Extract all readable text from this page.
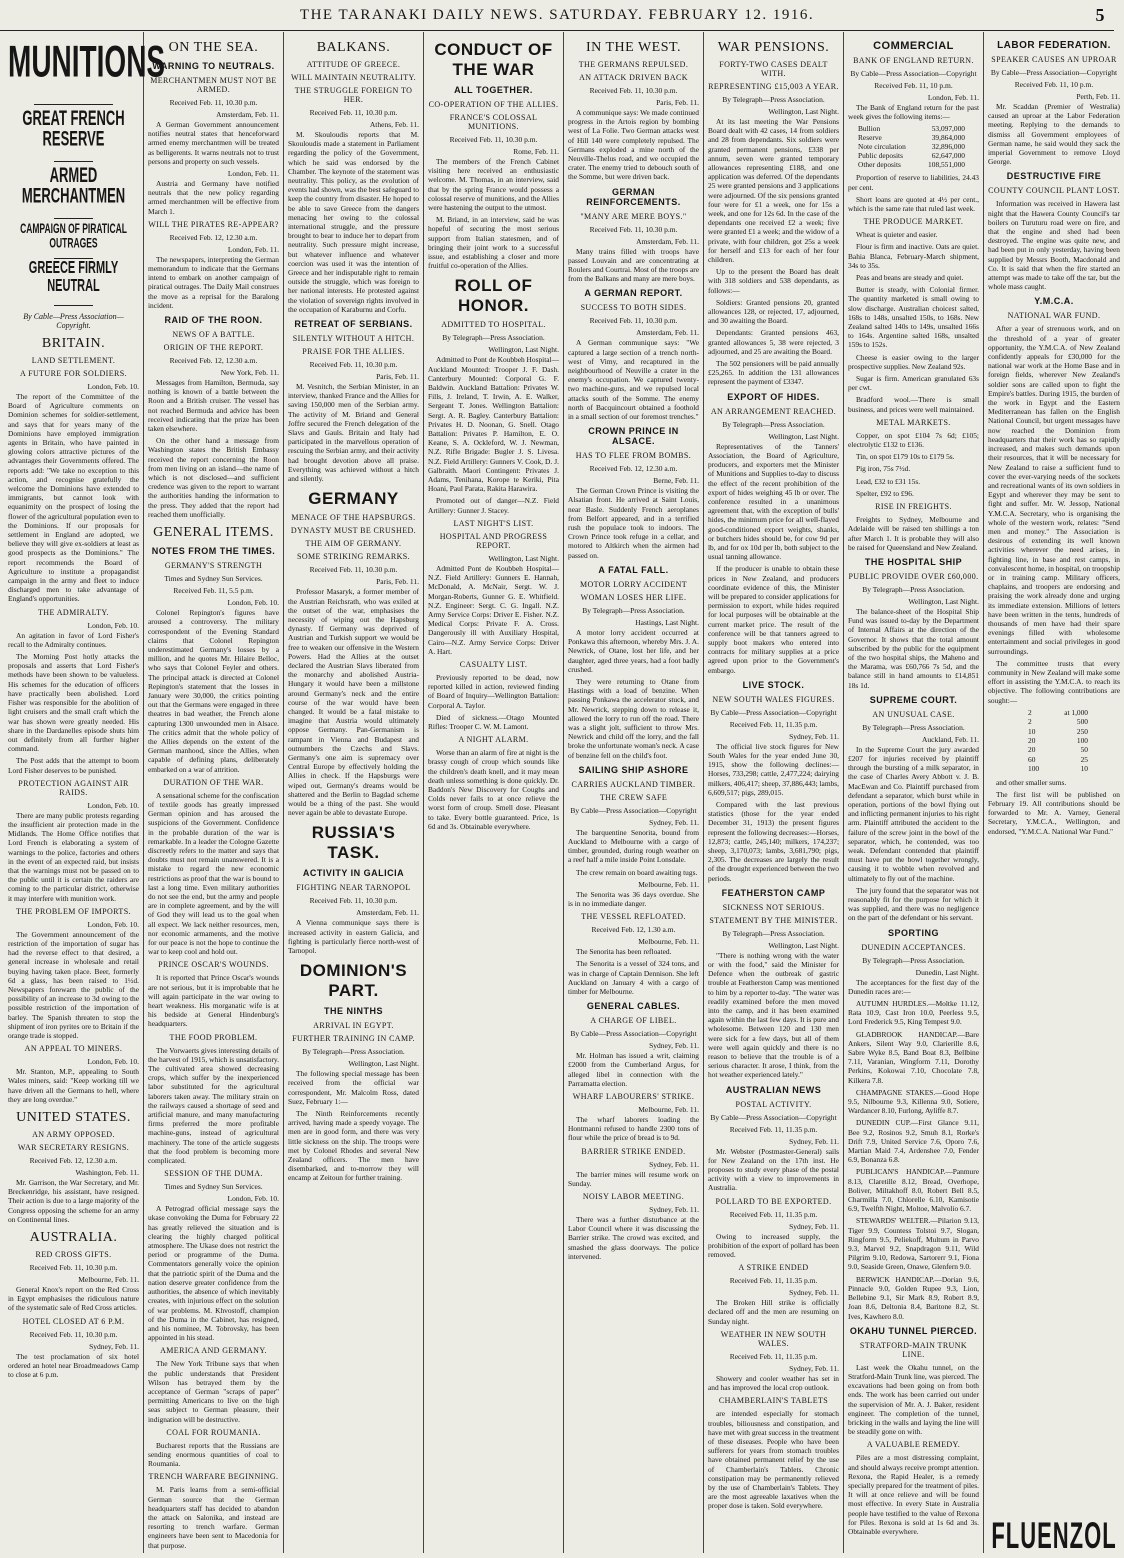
THE TARANAKI DAILY NEWS. SATURDAY. FEBRUARY 12. 1916.	5
MUNITIONS
GREAT FRENCH RESERVE
ARMED MERCHANTMEN
CAMPAIGN OF PIRATICAL OUTRAGES
GREECE FIRMLY NEUTRAL
By Cable—Press Association—Copyright.
BRITAIN.
LAND SETTLEMENT.
A FUTURE FOR SOLDIERS.
London, Feb. 10.

The report of the Committee of the Board of Agriculture comments on Dominion schemes for soldier-settlement, and says that for years many of the Dominions have employed immigration agents in Britain, who have painted in glowing colors attractive pictures of the advantages their Governments offered. The reports add: "We take no exception to this action, and recognise gratefully the welcome the Dominions have extended to immigrants, but cannot look with equanimity on the prospect of losing the flower of the agricultural population even to the Dominions. If our proposals for settlement in England are adopted, we believe they will give ex-soldiers at least as good prospects as the Dominions." The report recommends the Board of Agriculture to institute a propagandist campaign in the army and fleet to induce discharged men to take advantage of England's opportunities.

THE ADMIRALTY.
London, Feb. 10.

An agitation in favor of Lord Fisher's recall to the Admiralty continues.

The Morning Post hotly attacks the proposals and asserts that Lord Fisher's methods have been shown to be valueless. His schemes for the education of officers have practically been abolished. Lord Fisher was responsible for the abolition of light cruisers and the small craft which the war has shown were greatly needed. His share in the Dardanelles episode shuts him out definitely from all further higher command.

The Post adds that the attempt to boom Lord Fisher deserves to be punished.

PROTECTION AGAINST AIR RAIDS.
London, Feb. 10.

There are many public protests regarding the insufficient air protection made in the Midlands. The Home Office notifies that Lord French is elaborating a system of warnings to the police, factories and others in the event of an expected raid, but insists that the warnings must not be passed on to the public until it is certain the raiders are coming to the particular district, otherwise it may interfere with munition work.

THE PROBLEM OF IMPORTS.
London, Feb. 10.

The Government announcement of the restriction of the importation of sugar has had the reverse effect to that desired, a general increase in wholesale and retail buying having taken place. Beer, formerly 6d a glass, has been raised to 1½d. Newspapers forewarn the public of the possibility of an increase to 3d owing to the possible restriction of the importation of barley. The Spanish threaten to stop the shipment of iron pyrites ore to Britain if the orange trade is stopped.

AN APPEAL TO MINERS.
London, Feb. 10.

Mr. Stanton, M.P., appealing to South Wales miners, said: "Keep working till we have driven all the Germans to hell, where they are long overdue."

UNITED STATES.
AN ARMY OPPOSED.
WAR SECRETARY RESIGNS.
Received Feb. 12, 12.30 a.m.
Washington, Feb. 11.

Mr. Garrison, the War Secretary, and Mr. Breckenridge, his assistant, have resigned. Their action is due to a large majority of the Congress opposing the scheme for an army on Continental lines.

AUSTRALIA.
RED CROSS GIFTS.
Received Feb. 11, 10.30 p.m.
Melbourne, Feb. 11.

General Knox's report on the Red Cross in Egypt emphasises the ridiculous nature of the systematic sale of Red Cross articles.

HOTEL CLOSED AT 6 P.M.
Received Feb. 11, 10.30 p.m.
Sydney, Feb. 11.

The test proclamation of six hotel ordered an hotel near Broadmeadows Camp to close at 6 p.m.

ON THE SEA.
WARNING TO NEUTRALS.
MERCHANTMEN MUST NOT BE ARMED.
Received Feb. 11, 10.30 p.m.
Amsterdam, Feb. 11.

A German Government announcement notifies neutral states that henceforward armed enemy merchantmen will be treated as belligerents. It warns neutrals not to trust persons and property on such vessels.

London, Feb. 11.

Austria and Germany have notified neutrals that the new policy regarding armed merchantmen will be effective from March 1.

WILL THE PIRATES RE-APPEAR?
Received Feb. 12, 12.30 a.m.
London, Feb. 11.

The newspapers, interpreting the German memorandum to indicate that the Germans intend to embark on another campaign of piratical outrages. The Daily Mail construes the move as a reprisal for the Baralong incident.

RAID OF THE ROON.
NEWS OF A BATTLE.
ORIGIN OF THE REPORT.
Received Feb. 12, 12.30 a.m.
New York, Feb. 11.

Messages from Hamilton, Bermuda, say nothing is known of a battle between the Roon and a British cruiser. The vessel has not reached Bermuda and advice has been received indicating that the prize has been taken elsewhere.

On the other hand a message from Washington states the British Embassy received the report concerning the Roon from men living on an island—the name of which is not disclosed—and sufficient credence was given to the report to warrant the authorities handing the information to the press. They added that the report had reached them unofficially.

GENERAL ITEMS.
NOTES FROM THE TIMES.
GERMANY'S STRENGTH
Times and Sydney Sun Services.
Received Feb. 11, 5.5 p.m.
London, Feb. 10.

Colonel Repington's figures have aroused a controversy. The military correspondent of the Evening Standard claims that Colonel Repington underestimated Germany's losses by a million, and he quotes Mr. Hilaire Belloc, who says that Colonel Feyler and others. The principal attack is directed at Colonel Repington's statement that the losses in January were 30,000, the critics pointing out that the Germans were engaged in three theatres in bad weather, the French alone capturing 1300 unwounded men in Alsace. The critics admit that the whole policy of the Allies depends on the extent of the German manhood, since the Allies, when capable of defining plans, deliberately embarked on a war of attrition.

DURATION OF THE WAR.

A sensational scheme for the confiscation of textile goods has greatly impressed German opinion and has aroused the suspicions of the Government. Confidence in the probable duration of the war is remarkable. In a leader the Cologne Gazette discreetly refers to the matter and says that doubts must not remain unanswered. It is a mistake to regard the new economic restrictions as proof that the war is bound to last a long time. Even military authorities do not see the end, but the army and people are in complete agreement, and by the will of God they will lead us to the goal when all expect. We lack neither resources, men, nor economic armaments, and the motive for our peace is not the hope to continue the war to keep cool and hold out.

PRINCE OSCAR'S WOUNDS.

It is reported that Prince Oscar's wounds are not serious, but it is improbable that he will again participate in the war owing to heart weakness. His morganatic wife is at his bedside at General Hindenburg's headquarters.

THE FOOD PROBLEM.

The Vorwaerts gives interesting details of the harvest of 1915, which is unsatisfactory. The cultivated area showed decreasing crops, which suffer by the inexperienced labor substituted for the agricultural laborers taken away. The military strain on the railways caused a shortage of seed and artificial manure, and many manufacturing firms preferred the more profitable machine-guns, instead of agricultural machinery. The tone of the article suggests that the food problem is becoming more complicated.

SESSION OF THE DUMA.
Times and Sydney Sun Services.
London, Feb. 10.

A Petrograd official message says the ukase convoking the Duma for February 22 has greatly relieved the situation and is clearing the highly charged political atmosphere. The Ukase does not restrict the period or programme of the Duma. Commentators generally voice the opinion that the patriotic spirit of the Duma and the nation deserve greater confidence from the authorities, the absence of which inevitably creates, with injurious effect on the solution of war problems. M. Khvostoff, champion of the Duma in the Cabinet, has resigned, and his nominee, M. Tobrovsky, has been appointed in his stead.

AMERICA AND GERMANY.

The New York Tribune says that when the public understands that President Wilson has betrayed them by the acceptance of German "scraps of paper" permitting Americans to live on the high seas subject to German pleasure, their indignation will be destructive.

COAL FOR ROUMANIA.

Bucharest reports that the Russians are sending enormous quantities of coal to Roumania.

TRENCH WARFARE BEGINNING.

M. Paris learns from a semi-official German source that the German headquarters staff has decided to abandon the attack on Salonika, and instead are resorting to trench warfare. German engineers have been sent to Macedonia for that purpose.

BALKANS.
ATTITUDE OF GREECE.
WILL MAINTAIN NEUTRALITY.
THE STRUGGLE FOREIGN TO HER.
Received Feb. 11, 10.30 p.m.
Athens, Feb. 11.

M. Skouloudis reports that M. Skouloudis made a statement in Parliament regarding the policy of the Government, which he said was endorsed by the Chamber. The keynote of the statement was neutrality. This policy, as the evolution of events had shown, was the best safeguard to keep the country from disaster. He hoped to be able to save Greece from the dangers menacing her owing to the colossal international struggle, and the pressure brought to bear to induce her to depart from neutrality. Such pressure might increase, but whatever influence and whatever coercion was used it was the intention of Greece and her indisputable right to remain outside the struggle, which was foreign to her national interests. He protested against the violation of sovereign rights involved in the occupation of Karaburnu and Corfu.

RETREAT OF SERBIANS.
SILENTLY WITHOUT A HITCH.
PRAISE FOR THE ALLIES.
Received Feb. 11, 10.30 p.m.
Paris, Feb. 11.

M. Vesnitch, the Serbian Minister, in an interview, thanked France and the Allies for saving 150,000 men of the Serbian army. The activity of M. Briand and General Joffre secured the French delegation of the Slavs and Gauls. Britain and Italy had participated in the marvellous operation of rescuing the Serbian army, and their activity had brought devotion above all praise. Everything was achieved without a hitch and silently.

GERMANY
MENACE OF THE HAPSBURGS.
DYNASTY MUST BE CRUSHED.
THE AIM OF GERMANY.
SOME STRIKING REMARKS.
Received Feb. 11, 10.30 p.m.
Paris, Feb. 11.

Professor Masaryk, a former member of the Austrian Reichsrath, who was exiled at the outset of the war, emphasises the necessity of wiping out the Hapsburg dynasty. If Germany was deprived of Austrian and Turkish support we would be free to weaken our offensive in the Western Powers. Had the Allies at the outset declared the Austrian Slavs liberated from the monarchy and abolished Austria-Hungary it would have been a millstone around Germany's neck and the entire course of the war would have been changed. It would be a fatal mistake to imagine that Austria would ultimately oppose Germany. Pan-Germanism is rampant in Vienna and Budapest and outnumbers the Czechs and Slavs. Germany's one aim is supremacy over Central Europe by effectively holding the Allies in check. If the Hapsburgs were wiped out, Germany's dreams would be shattered and the Berlin to Bagdad scheme would be a thing of the past. She would never again be able to devastate Europe.

RUSSIA'S TASK.
ACTIVITY IN GALICIA
FIGHTING NEAR TARNOPOL
Received Feb. 11, 10.30 p.m.
Amsterdam, Feb. 11.

A Vienna communique says there is increased activity in eastern Galicia, and fighting is particularly fierce north-west of Tarnopol.

DOMINION'S PART.
THE NINTHS
ARRIVAL IN EGYPT.
FURTHER TRAINING IN CAMP.
By Telegraph—Press Association.
Wellington, Last Night.

The following special message has been received from the official war correspondent, Mr. Malcolm Ross, dated Suez, February 1:—

The Ninth Reinforcements recently arrived, having made a speedy voyage. The men are in good form, and there was very little sickness on the ship. The troops were met by Colonel Rhodes and several New Zealand officers. The men have disembarked, and to-morrow they will encamp at Zeitoun for further training.

CONDUCT OF THE WAR
ALL TOGETHER.
CO-OPERATION OF THE ALLIES.
FRANCE'S COLOSSAL MUNITIONS.
Received Feb. 11, 10.30 p.m.
Rome, Feb. 11.

The members of the French Cabinet visiting here received an enthusiastic welcome. M. Thomas, in an interview, said that by the spring France would possess a colossal reserve of munitions, and the Allies were hastening the output to the utmost.

M. Briand, in an interview, said he was hopeful of securing the most serious support from Italian statesmen, and of bringing their joint work to a successful issue, and establishing a closer and more fruitful co-operation of the Allies.

ROLL OF HONOR.
ADMITTED TO HOSPITAL.
By Telegraph—Press Association.
Wellington, Last Night.

Admitted to Pont de Koubbeh Hospital—Auckland Mounted: Trooper J. F. Dash. Canterbury Mounted: Corporal G. F. Baldwin. Auckland Battalion: Privates W. Fills, J. Ireland, T. Irwin, A. E. Walker, Sergeant T. Jones. Wellington Battalion: Sergt. A. R. Bagley. Canterbury Battalion: Privates H. D. Noonan, G. Snell. Otago Battalion: Privates P. Hamilton, E. O. Keane, S. A. Ockleford, W. J. Newman, N.Z. Rifle Brigade: Bugler J. S. Livesa. N.Z. Field Artillery: Gunners V. Cook, D. J. Galbraith. Maori Contingent: Privates J. Adams, Tenihana, Korope te Keriki, Pita Hoani, Paul Parata, Rakita Harawira.

Promoted out of danger—N.Z. Field Artillery: Gunner J. Stacey.

LAST NIGHT'S LIST.
HOSPITAL AND PROGRESS REPORT.
Wellington, Last Night.

Admitted Pont de Koubbeh Hospital—N.Z. Field Artillery: Gunners E. Hannah, McDonald, A. McNair, Sergt. W. J. Morgan-Roberts, Gunner G. E. Whitfield. N.Z. Engineer: Sergt. C. G. Ingall. N.Z. Army Service Corps: Driver E. Fisher. N.Z. Medical Corps: Private F. A. Cross. Dangerously ill with Auxiliary Hospital, Cairo—N.Z. Army Service Corps: Driver A. Hart.

CASUALTY LIST.

Previously reported to be dead, now reported killed in action, reviewed finding of Board of Inquiry—Wellington Battalion: Corporal A. Taylor.

Died of sickness.—Otago Mounted Rifles: Trooper C. W. M. Lamont.

A NIGHT ALARM.

Worse than an alarm of fire at night is the brassy cough of croup which sounds like the children's death knell, and it may mean death unless something is done quickly. Dr. Baddon's New Discovery for Coughs and Colds never fails to at once relieve the worst form of croup. Smell dose. Pleasant to take. Every bottle guaranteed. Price, 1s 6d and 3s. Obtainable everywhere.

IN THE WEST.
THE GERMANS REPULSED.
AN ATTACK DRIVEN BACK
Received Feb. 11, 10.30 p.m.
Paris, Feb. 11.

A communique says: We made continued progress in the Artois region by bombing west of La Folie. Two German attacks west of Hill 140 were completely repulsed. The Germans exploded a mine north of the Neuville-Thelus road, and we occupied the crater. The enemy tried to debouch south of the Somme, but were driven back.

GERMAN REINFORCEMENTS.
"MANY ARE MERE BOYS."
Received Feb. 11, 10.30 p.m.
Amsterdam, Feb. 11.

Many trains filled with troops have passed Louvain and are concentrating at Roulers and Courtrai. Most of the troops are from the Balkans and many are mere boys.

A GERMAN REPORT.
SUCCESS TO BOTH SIDES.
Received Feb. 11, 10.30 p.m.
Amsterdam, Feb. 11.

A German communique says: "We captured a large section of a trench north-west of Vimy, and recaptured in the neighbourhood of Neuville a crater in the enemy's occupation. We captured twenty-two machine-guns, and we repulsed local attacks south of the Somme. The enemy north of Bacquincourt obtained a foothold in a small section of our foremost trenches."

CROWN PRINCE IN ALSACE.
HAS TO FLEE FROM BOMBS.
Received Feb. 12, 12.30 a.m.
Berne, Feb. 11.

The German Crown Prince is visiting the Alsatian front. He arrived at Saint Louis, near Basle. Suddenly French aeroplanes from Belfort appeared, and in a terrified rush the populace took to indoors. The Crown Prince took refuge in a cellar, and motored to Altkirch when the airmen had passed on.

A FATAL FALL.
MOTOR LORRY ACCIDENT
WOMAN LOSES HER LIFE.
By Telegraph—Press Association.
Hastings, Last Night.

A motor lorry accident occurred at Ponkawa this afternoon, whereby Mrs. J. A. Newrick, of Otane, lost her life, and her daughter, aged three years, had a foot badly crushed.

They were returning to Otane from Hastings with a load of benzine. When passing Ponkawa the accelerator stuck, and Mr. Newrick, stepping down to release it, allowed the lorry to run off the road. There was a slight jolt, sufficient to throw Mrs. Newrick and child off the lorry, and the fall broke the unfortunate woman's neck. A case of benzine fell on the child's foot.

SAILING SHIP ASHORE
CARRIES AUCKLAND TIMBER.
THE CREW SAFE
By Cable—Press Association—Copyright
Sydney, Feb. 11.

The barquentine Senorita, bound from Auckland to Melbourne with a cargo of timber, grounded, during rough weather on a reef half a mile inside Point Lonsdale.

The crew remain on board awaiting tugs.

Melbourne, Feb. 11.

The Senorita was 36 days overdue. She is in no immediate danger.

THE VESSEL REFLOATED.
Received Feb. 12, 1.30 a.m.
Melbourne, Feb. 11.

The Senorita has been refloated.

The Senorita is a vessel of 324 tons, and was in charge of Captain Dennison. She left Auckland on January 4 with a cargo of timber for Melbourne.

GENERAL CABLES.
A CHARGE OF LIBEL.
By Cable—Press Association—Copyright
Sydney, Feb. 11.

Mr. Holman has issued a writ, claiming £2000 from the Cumberland Argus, for alleged libel in connection with the Parramatta election.

WHARF LABOURERS' STRIKE.
Melbourne, Feb. 11.

The wharf laborers loading the Hontmanni refused to handle 2300 tons of flour while the price of bread is to 9d.

BARRIER STRIKE ENDED.
Sydney, Feb. 11.

The barrier mines will resume work on Sunday.

NOISY LABOR MEETING.
Sydney, Feb. 11.

There was a further disturbance at the Labor Council where it was discussing the Barrier strike. The crowd was excited, and smashed the glass doorways. The police intervened.

WAR PENSIONS.
FORTY-TWO CASES DEALT WITH.
REPRESENTING £15,003 A YEAR.
By Telegraph—Press Association.
Wellington, Last Night.

At its last meeting the War Pensions Board dealt with 42 cases, 14 from soldiers and 28 from dependants. Six soldiers were granted permanent pensions, £338 per annum, seven were granted temporary allowances representing £188, and one application was deferred. Of the dependants 25 were granted pensions and 3 applications were adjourned. Of the six pensions granted four were for £1 a week, one for 15s a week, and one for 12s 6d. In the case of the dependants one received £2 a week; five were granted £1 a week; and the widow of a private, with four children, got 25s a week for herself and £13 for each of her four children.

Up to the present the Board has dealt with 318 soldiers and 538 dependants, as follows:—

Soldiers: Granted pensions 20, granted allowances 128, or rejected, 17, adjourned, and 30 awaiting the Board.

Dependants: Granted pensions 463, granted allowances 5, 38 were rejected, 3 adjourned, and 25 are awaiting the Board.

The 502 pensioners will be paid annually £25,265. In addition the 131 allowances represent the payment of £3347.

EXPORT OF HIDES.
AN ARRANGEMENT REACHED.
By Telegraph—Press Association.
Wellington, Last Night.

Representatives of the Tanners' Association, the Board of Agriculture, producers, and exporters met the Minister of Munitions and Supplies to-day to discuss the effect of the recent prohibition of the export of hides weighing 45 lb or over. The conference resulted in a unanimous agreement that, with the exception of bulls' hides, the minimum price for all well-flayed good-conditioned export weights, shanks, or butchers hides should be, for cow 9d per lb, and for ox 10d per lb, both subject to the usual tanning allowance.

If the producer is unable to obtain these prices in New Zealand, and producers coordinate evidence of this, the Minister will be prepared to consider applications for permission to export, while hides required for local purposes will be obtainable at the current market price. The result of the conference will be that tanners agreed to supply boot makers who entered into contracts for military supplies at a price agreed upon prior to the Government's embargo.

LIVE STOCK.
NEW SOUTH WALES FIGURES.
By Cable—Press Association—Copyright
Received Feb. 11, 11.35 p.m.
Sydney, Feb. 11.

The official live stock figures for New South Wales for the year ended June 30, 1915, show the following declines:—Horses, 733,298; cattle, 2,477,224; dairying milkers, 406,417; sheep, 37,886,443; lambs, 6,609,517; pigs, 289,015.

Compared with the last previous statistics (those for the year ended December 31, 1913) the present figures represent the following decreases:—Horses, 12,873; cattle, 245,140; milkers, 174,237; sheep, 3,170,073; lambs, 3,681,790; pigs, 2,305. The decreases are largely the result of the drought experienced between the two periods.

FEATHERSTON CAMP
SICKNESS NOT SERIOUS.
STATEMENT BY THE MINISTER.
By Telegraph—Press Association.
Wellington, Last Night.

"There is nothing wrong with the water or with the food," said the Minister for Defence when the outbreak of gastric trouble at Featherston Camp was mentioned to him by a reporter to-day. "The water was readily examined before the men moved into the camp, and it has been examined again within the last few days. It is pure and wholesome. Between 120 and 130 men were sick for a few days, but all of them were well again quickly and there is no reason to believe that the trouble is of a serious character. It arose, I think, from the hot weather experienced lately."

AUSTRALIAN NEWS
POSTAL ACTIVITY.
By Cable—Press Association—Copyright
Received Feb. 11, 11.35 p.m.
Sydney, Feb. 11.

Mr. Webster (Postmaster-General) sails for New Zealand on the 17th inst. He proposes to study every phase of the postal activity with a view to improvements in Australia.

POLLARD TO BE EXPORTED.
Received Feb. 11, 11.35 p.m.
Sydney, Feb. 11.

Owing to increased supply, the prohibition of the export of pollard has been removed.

A STRIKE ENDED
Received Feb. 11, 11.35 p.m.
Sydney, Feb. 11.

The Broken Hill strike is officially declared off and the men are resuming on Sunday night.

WEATHER IN NEW SOUTH WALES.
Received Feb. 11, 11.35 p.m.
Sydney, Feb. 11.

Showery and cooler weather has set in and has improved the local crop outlook.

CHAMBERLAIN'S TABLETS

are intended especially for stomach troubles, biliousness and constipation, and have met with great success in the treatment of these diseases. People who have been sufferers for years from stomach troubles have obtained permanent relief by the use of Chamberlain's Tablets. Chronic constipation may be permanently relieved by the use of Chamberlain's Tablets. They are the most agreeable laxatives when the proper dose is taken. Sold everywhere.

COMMERCIAL
BANK OF ENGLAND RETURN.
By Cable—Press Association—Copyright
Received Feb. 11, 10 p.m.
London, Feb. 11.

The Bank of England return for the past week gives the following items:—

Bullion	53,097,000
Reserve	39,864,000
Note circulation	32,896,000
Public deposits	62,647,000
Other deposits	108,551,000

Proportion of reserve to liabilities, 24.43 per cent.

Short loans are quoted at 4½ per cent., which is the same rate that ruled last week.

THE PRODUCE MARKET.

Wheat is quieter and easier.

Flour is firm and inactive. Oats are quiet. Bahia Blanca, February-March shipment, 34s to 35s.

Peas and beans are steady and quiet.

Butter is steady, with Colonial firmer. The quantity marketed is small owing to slow discharge. Australian choicest salted, 168s to 148s, unsalted 150s, to 168s. New Zealand salted 140s to 149s, unsalted 166s to 164s. Argentine salted 168s, unsalted 159s to 152s.

Cheese is easier owing to the larger prospective supplies. New Zealand 92s.

Sugar is firm. American granulated 63s per cwt.

Bradford wool.—There is small business, and prices were well maintained.

METAL MARKETS.

Copper, on spot £104 7s 6d; £105; electrolytic £132 to £136.

Tin, on spot £179 10s to £179 5s.

Pig iron, 75s 7½d.

Lead, £32 to £31 15s.

Spelter, £92 to £96.

RISE IN FREIGHTS.

Freights to Sydney, Melbourne and Adelaide will be raised ten shillings a ton after March 1. It is probable they will also be raised for Queensland and New Zealand.

THE HOSPITAL SHIP
PUBLIC PROVIDE OVER £60,000.
By Telegraph—Press Association.
Wellington, Last Night.

The balance-sheet of the Hospital Ship Fund was issued to-day by the Department of Internal Affairs at the direction of the Governor. It shows that the total amount subscribed by the public for the equipment of the two hospital ships, the Maheno and the Marama, was £60,766 7s 5d, and the balance still in hand amounts to £14,851 18s 1d.

SUPREME COURT.
AN UNUSUAL CASE.
By Telegraph—Press Association.
Auckland, Feb. 11.

In the Supreme Court the jury awarded £207 for injuries received by plaintiff through the bursting of a milk separator, in the case of Charles Avery Abbott v. J. B. MacEwan and Co. Plaintiff purchased from defendant a separator, which burst while in operation, portions of the bowl flying out and inflicting permanent injuries to his right arm. Plaintiff attributed the accident to the failure of the screw joint in the bowl of the separator, which, he contended, was too weak. Defendant contended that plaintiff must have put the bowl together wrongly, causing it to wobble when revolved and ultimately to fly out of the machine.

The jury found that the separator was not reasonably fit for the purpose for which it was supplied, and there was no negligence on the part of the defendant or his servant.

SPORTING
DUNEDIN ACCEPTANCES.
By Telegraph—Press Association.
Dunedin, Last Night.

The acceptances for the first day of the Dunedin races are:—

AUTUMN HURDLES.—Moltke 11.12, Rata 10.9, Cast Iron 10.0, Peerless 9.5, Lord Frederick 9.5, King Tempest 9.0.

GLADBROOK HANDICAP.—Bare Ankers, Silent Way 9.0, Clarierille 8.6, Sabre Wyke 8.5, Band Boat 8.3, Bellbine 7.11, Varanian, Wingform 7.11, Dorothy Perkins, Kokowai 7.10, Chocolate 7.8, Kilkera 7.8.

CHAMPAGNE STAKES.—Good Hope 9.5, Nilbourne 9.3, Killenna 9.0, Sotiere, Wardancer 8.10, Furlong, Ayliffe 8.7.

DUNEDIN CUP.—First Glance 9.11, Bee 9.2, Rosinos 9.2, Smuh 8.1, Rorke's Drift 7.9, United Service 7.6, Oporo 7.6, Martian Maid 7.4, Ardenshee 7.0, Fender 6.9, Bonanza 6.8.

PUBLICAN'S HANDICAP.—Panmure 8.13, Claretille 8.12, Bread, Overhope, Boliver, Miltakhoff 8.0, Robert Bell 8.5, Charmilla 7.0, Chlorelle 6.10, Kamisotie 6.9, Twelfth Night, Moltoe, Malvolio 6.7.

STEWARDS' WELTER.—Pilarion 9.13, Tiger 9.9, Countess Tolstoi 9.7, Slogan, Ringform 9.5, Peliekoff, Multum in Parvo 9.3, Marvel 9.2, Snapdragon 9.11, Wild Pilgrim 9.10, Redowa, Sartorerr 9.1, Fiona 9.0, Seaside Green, Onawe, Glenfern 9.0.

BERWICK HANDICAP.—Dorian 9.6, Pinnacle 9.0, Golden Rupee 9.3, Lion, Bellebine 9.1, Sir Mark 8.9, Robert 8.9, Joan 8.6, Deltonia 8.4, Baritone 8.2, St. Ives, Kawhero 8.0.

OKAHU TUNNEL PIERCED.
STRATFORD-MAIN TRUNK LINE.

Last week the Okahu tunnel, on the Stratford-Main Trunk line, was pierced. The excavations had been going on from both ends. The work has been carried out under the supervision of Mr. A. J. Baker, resident engineer. The completion of the tunnel, bricking in the walls and laying the line will be steadily gone on with.

A VALUABLE REMEDY.

Piles are a most distressing complaint, and should always receive prompt attention. Rexona, the Rapid Healer, is a remedy specially prepared for the treatment of piles. It will at once relieve and will be found most effective. In every State in Australia people have testified to the value of Rexona for Piles. Rexona is sold at 1s 6d and 3s. Obtainable everywhere.

LABOR FEDERATION.
SPEAKER CAUSES AN UPROAR
By Cable—Press Association—Copyright
Received Feb. 11, 10 p.m.
Perth, Feb. 11.

Mr. Scaddan (Premier of Westralia) caused an uproar at the Labor Federation meeting. Replying to the demands to dismiss all Government employees of German name, he said would they sack the imperial Government to remove Lloyd George.

DESTRUCTIVE FIRE
COUNTY COUNCIL PLANT LOST.

Information was received in Hawera last night that the Hawera County Council's tar boilers on Turuturu road were on fire, and that the engine and shed had been destroyed. The engine was quite new, and had been put in only yesterday, having been supplied by Messrs Booth, Macdonald and Co. It is said that when the fire started an attempt was made to take off the tar, but the whole mass caught.

Y.M.C.A.
NATIONAL WAR FUND.

After a year of strenuous work, and on the threshold of a year of greater opportunity, the Y.M.C.A. of New Zealand confidently appeals for £30,000 for the national war work at the Home Base and in foreign fields, wherever New Zealand's soldier sons are called upon to fight the Empire's battles. During 1915, the burden of the work in Egypt and the Eastern Mediterranean has fallen on the English National Council, but urgent messages have now reached the Dominion from headquarters that their work has so rapidly increased, and makes such demands upon their resources, that it will be necessary for New Zealand to raise a sufficient fund to cover the ever-varying needs of the sockets and recreational wants of its own soldiers in Egypt and wherever they may be sent to fight and suffer. Mr. W. Jessop, National Y.M.C.A. Secretary, who is organising the whole of the western work, relates: "Send men and money." The Association is desirous of extending its well known activities wherever the need arises, in fighting line, in base and rest camps, in convalescent home, in hospital, on troopship or in training camp. Military officers, chaplains, and troopers are endorsing and praising the work already done and urging its immediate extension. Millions of letters have been written in the tents, hundreds of thousands of men have had their spare evenings filled with wholesome entertainment and social privileges in good surroundings.

The committee trusts that every community in New Zealand will make some effort in assisting the Y.M.C.A. to reach its objective. The following contributions are sought:—

2	at 1,000
2	500
10	250
20	100
20	50
60	25
100	10

and other smaller sums.

The first list will be published on February 19. All contributions should be forwarded to Mr. A. Varney, General Secretary, Y.M.C.A., Wellington, and endorsed, "Y.M.C.A. National War Fund."

FLUENZOL
